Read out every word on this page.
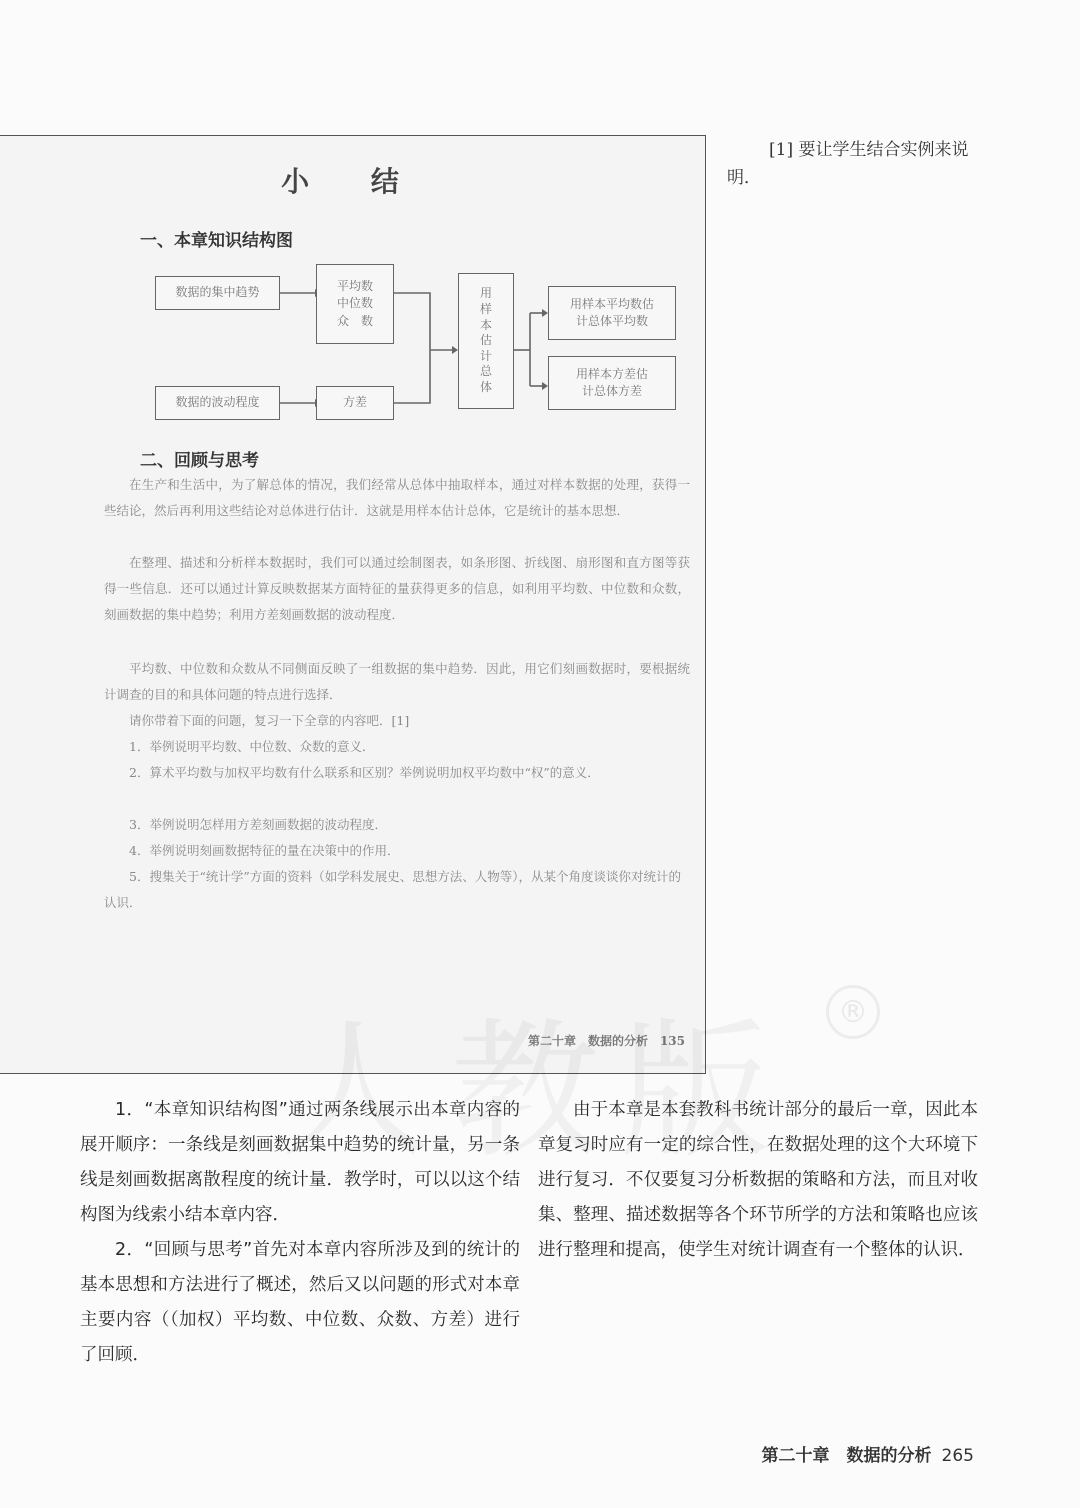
小 结
一、本章知识结构图
数据的集中趋势	平均数
中位数
众　数
数据的波动程度	方差
用
样
本
估
计
总
体
用样本平均数估
计总体平均数
用样本方差估
计总体方差
二、回顾与思考

在生产和生活中，为了解总体的情况，我们经常从总体中抽取样本，通过对样本数据的处理，获得一些结论，然后再利用这些结论对总体进行估计．这就是用样本估计总体，它是统计的基本思想．

在整理、描述和分析样本数据时，我们可以通过绘制图表，如条形图、折线图、扇形图和直方图等获得一些信息．还可以通过计算反映数据某方面特征的量获得更多的信息，如利用平均数、中位数和众数，刻画数据的集中趋势；利用方差刻画数据的波动程度．

平均数、中位数和众数从不同侧面反映了一组数据的集中趋势．因此，用它们刻画数据时，要根据统计调查的目的和具体问题的特点进行选择．

请你带着下面的问题，复习一下全章的内容吧．[1]

1．举例说明平均数、中位数、众数的意义．

2．算术平均数与加权平均数有什么联系和区别？举例说明加权平均数中“权”的意义．

3．举例说明怎样用方差刻画数据的波动程度．

4．举例说明刻画数据特征的量在决策中的作用．

5．搜集关于“统计学”方面的资料（如学科发展史、思想方法、人物等），从某个角度谈谈你对统计的认识．

第二十章　数据的分析　135
®
[1] 要让学生结合实例来说明．

1．“本章知识结构图”通过两条线展示出本章内容的展开顺序：一条线是刻画数据集中趋势的统计量，另一条线是刻画数据离散程度的统计量．教学时，可以以这个结构图为线索小结本章内容．

2．“回顾与思考”首先对本章内容所涉及到的统计的基本思想和方法进行了概述，然后又以问题的形式对本章主要内容（（加权）平均数、中位数、众数、方差）进行了回顾．

由于本章是本套教科书统计部分的最后一章，因此本章复习时应有一定的综合性，在数据处理的这个大环境下进行复习．不仅要复习分析数据的策略和方法，而且对收集、整理、描述数据等各个环节所学的方法和策略也应该进行整理和提高，使学生对统计调查有一个整体的认识．

第二十章　数据的分析 265
